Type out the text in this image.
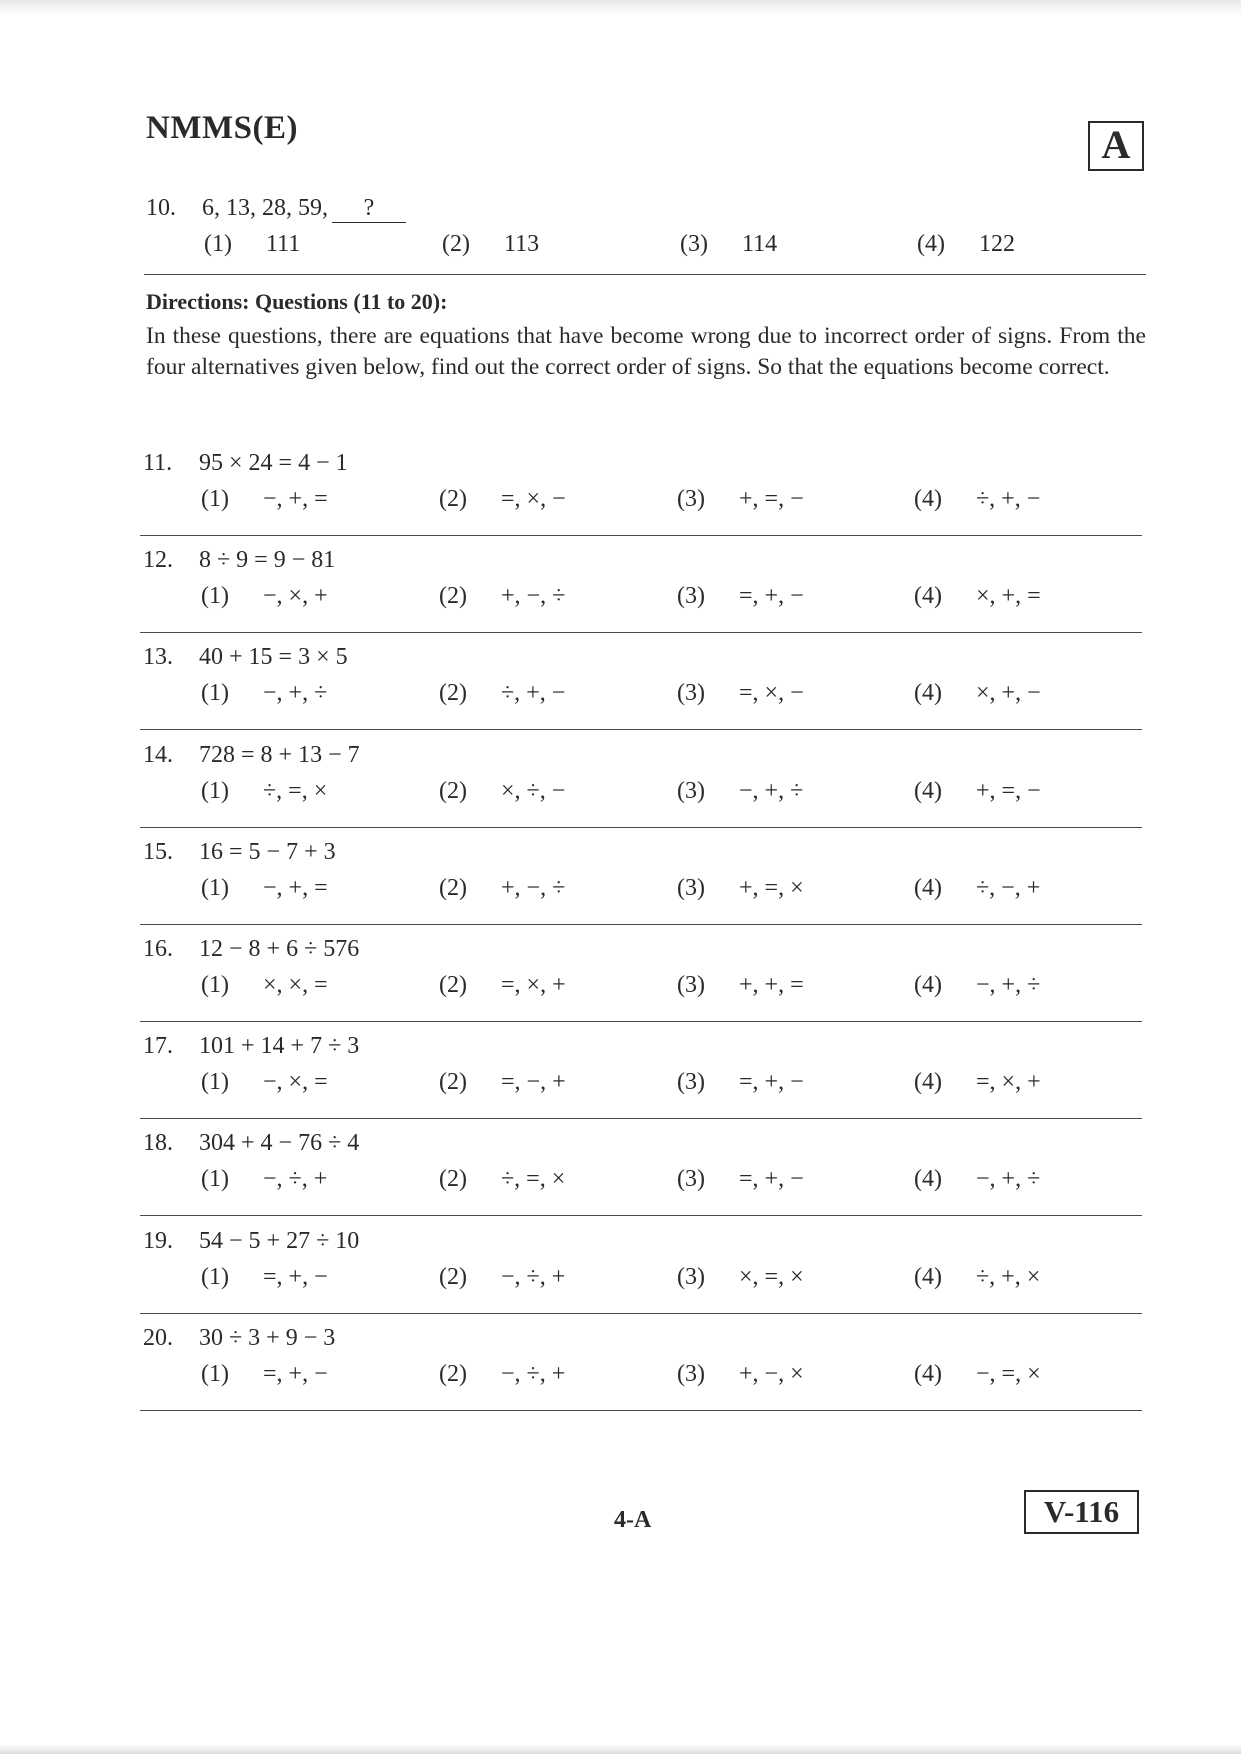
NMMS(E)	A
10. 6, 13, 28, 59, ?
(1) 111	(2) 113	(3) 114	(4) 122
Directions: Questions (11 to 20):
In these questions, there are equations that have become wrong due to incorrect order of signs. From the four alternatives given below, find out the correct order of signs. So that the equations become correct.
11. 95 × 24 = 4 − 1
(1) −, +, =	(2) =, ×, −	(3) +, =, −	(4) ÷, +, −
12. 8 ÷ 9 = 9 − 81
(1) −, ×, +	(2) +, −, ÷	(3) =, +, −	(4) ×, +, =
13. 40 + 15 = 3 × 5
(1) −, +, ÷	(2) ÷, +, −	(3) =, ×, −	(4) ×, +, −
14. 728 = 8 + 13 − 7
(1) ÷, =, ×	(2) ×, ÷, −	(3) −, +, ÷	(4) +, =, −
15. 16 = 5 − 7 + 3
(1) −, +, =	(2) +, −, ÷	(3) +, =, ×	(4) ÷, −, +
16. 12 − 8 + 6 ÷ 576
(1) ×, ×, =	(2) =, ×, +	(3) +, +, =	(4) −, +, ÷
17. 101 + 14 + 7 ÷ 3
(1) −, ×, =	(2) =, −, +	(3) =, +, −	(4) =, ×, +
18. 304 + 4 − 76 ÷ 4
(1) −, ÷, +	(2) ÷, =, ×	(3) =, +, −	(4) −, +, ÷
19. 54 − 5 + 27 ÷ 10
(1) =, +, −	(2) −, ÷, +	(3) ×, =, ×	(4) ÷, +, ×
20. 30 ÷ 3 + 9 − 3
(1) =, +, −	(2) −, ÷, +	(3) +, −, ×	(4) −, =, ×
4-A	V-116
